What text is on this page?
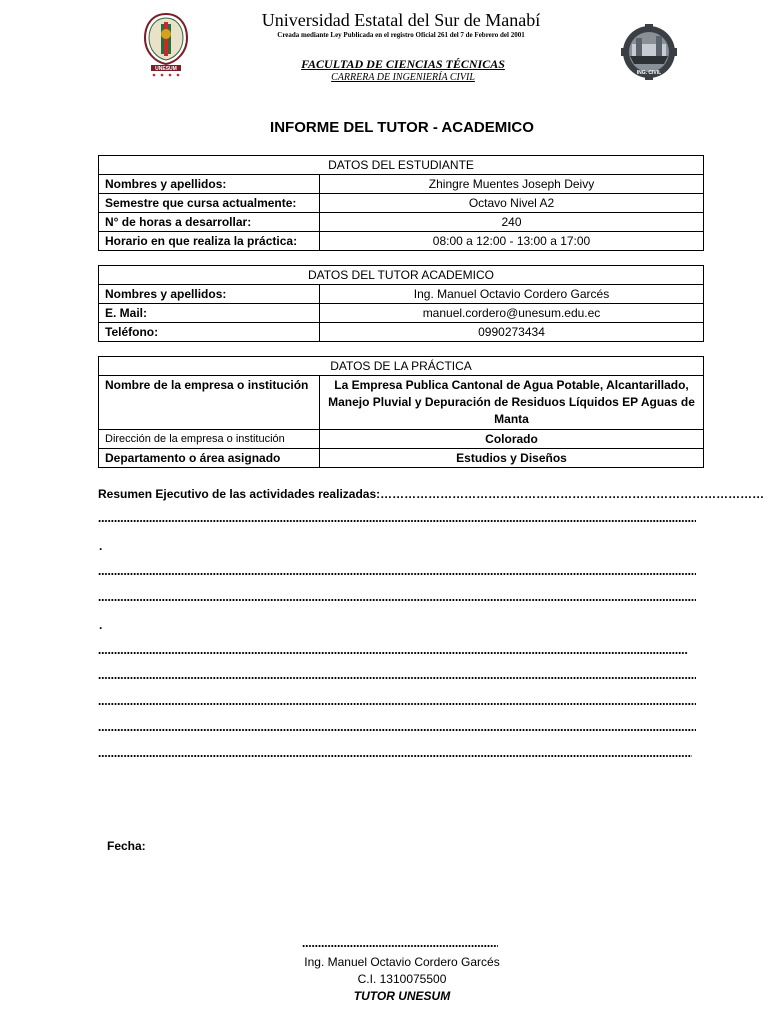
UNESUM
Universidad Estatal del Sur de Manabí
Creada mediante Ley Publicada en el registro Oficial 261 del 7 de Febrero del 2001
FACULTAD DE CIENCIAS TÉCNICAS
CARRERA DE INGENIERÍA CIVIL	ING. CIVIL
INFORME DEL TUTOR - ACADEMICO
DATOS DEL ESTUDIANTE	
Nombres y apellidos:	Zhingre Muentes Joseph Deivy
Semestre que cursa actualmente:	Octavo Nivel A2
N° de horas a desarrollar:	240
Horario en que realiza la práctica:	08:00 a 12:00 - 13:00 a 17:00
DATOS DEL TUTOR ACADEMICO	
Nombres y apellidos:	Ing. Manuel Octavio Cordero Garcés
E. Mail:	manuel.cordero@unesum.edu.ec
Teléfono:	0990273434
DATOS DE LA PRÁCTICA	
Nombre de la empresa o institución	La Empresa Publica Cantonal de Agua Potable, Alcantarillado, Manejo Pluvial y Depuración de Residuos Líquidos EP Aguas de Manta
Dirección de la empresa o institución	Colorado
Departamento o área asignado	Estudios y Diseños
Resumen Ejecutivo de las actividades realizadas:……………………………………………………………………………………
.
.
Fecha:
Ing. Manuel Octavio Cordero Garcés
C.I. 1310075500
TUTOR UNESUM
